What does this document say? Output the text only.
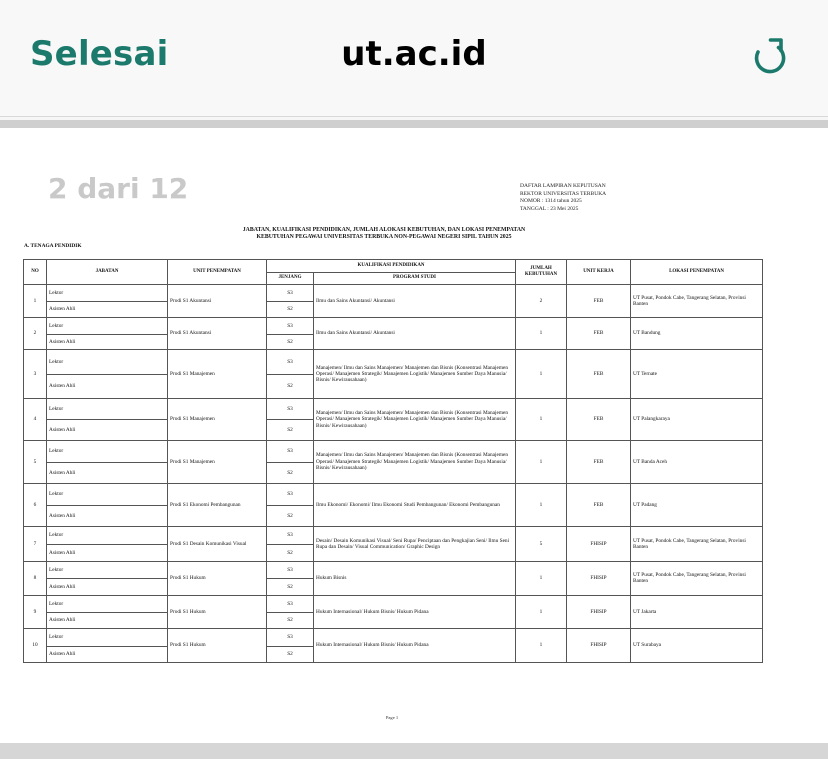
Selesai	ut.ac.id
2 dari 12	DAFTAR LAMPIRAN KEPUTUSAN
REKTOR UNIVERSITAS TERBUKA
NOMOR : 1314 tahun 2025
TANGGAL : 23 Mei 2025
JABATAN, KUALIFIKASI PENDIDIKAN, JUMLAH ALOKASI KEBUTUHAN, DAN LOKASI PENEMPATAN
KEBUTUHAN PEGAWAI UNIVERSITAS TERBUKA NON-PEGAWAI NEGERI SIPIL TAHUN 2025
A. TENAGA PENDIDIK
NO	JABATAN	UNIT PENEMPATAN	KUALIFIKASI PENDIDIKAN		JUMLAH KEBUTUHAN	UNIT KERJA	LOKASI PENEMPATAN
			JENJANG	PROGRAM STUDI			
1	Lektor	Prodi S1 Akuntansi	S3	Ilmu dan Sains Akuntansi/ Akuntansi	2	FEB	UT Pusat, Pondok Cabe, Tangerang Selatan, Provinsi Banten
	Asisten Ahli		S2				
2	Lektor	Prodi S1 Akuntansi	S3	Ilmu dan Sains Akuntansi/ Akuntansi	1	FEB	UT Bandung
	Asisten Ahli		S2				
3	Lektor	Prodi S1 Manajemen	S3	Manajemen/ Ilmu dan Sains Manajemen/ Manajemen dan Bisnis (Konsentrasi Manajemen Operasi/ Manajemen Strategik/ Manajemen Logistik/ Manajemen Sumber Daya Manusia/ Bisnis/ Kewirausahaan)	1	FEB	UT Ternate
	Asisten Ahli		S2				
4	Lektor	Prodi S1 Manajemen	S3	Manajemen/ Ilmu dan Sains Manajemen/ Manajemen dan Bisnis (Konsentrasi Manajemen Operasi/ Manajemen Strategik/ Manajemen Logistik/ Manajemen Sumber Daya Manusia/ Bisnis/ Kewirausahaan)	1	FEB	UT Palangkaraya
	Asisten Ahli		S2				
5	Lektor	Prodi S1 Manajemen	S3	Manajemen/ Ilmu dan Sains Manajemen/ Manajemen dan Bisnis (Konsentrasi Manajemen Operasi/ Manajemen Strategik/ Manajemen Logistik/ Manajemen Sumber Daya Manusia/ Bisnis/ Kewirausahaan)	1	FEB	UT Banda Aceh
	Asisten Ahli		S2				
6	Lektor	Prodi S1 Ekonomi Pembangunan	S3	Ilmu Ekonomi/ Ekonomi/ Ilmu Ekonomi Studi Pembangunan/ Ekonomi Pembangunan	1	FEB	UT Padang
	Asisten Ahli		S2				
7	Lektor	Prodi S1 Desain Komunikasi Visual	S3	Desain/ Desain Komunikasi Visual/ Seni Rupa/ Penciptaan dan Pengkajian Seni/ Ilmu Seni Rupa dan Desain/ Visual Communication/ Graphic Design	5	FHISIP	UT Pusat, Pondok Cabe, Tangerang Selatan, Provinsi Banten
	Asisten Ahli		S2				
8	Lektor	Prodi S1 Hukum	S3	Hukum Bisnis	1	FHISIP	UT Pusat, Pondok Cabe, Tangerang Selatan, Provinsi Banten
	Asisten Ahli		S2				
9	Lektor	Prodi S1 Hukum	S3	Hukum Internasional/ Hukum Bisnis/ Hukum Pidana	1	FHISIP	UT Jakarta
	Asisten Ahli		S2				
10	Lektor	Prodi S1 Hukum	S3	Hukum Internasional/ Hukum Bisnis/ Hukum Pidana	1	FHISIP	UT Surabaya
	Asisten Ahli		S2				
Page 1
